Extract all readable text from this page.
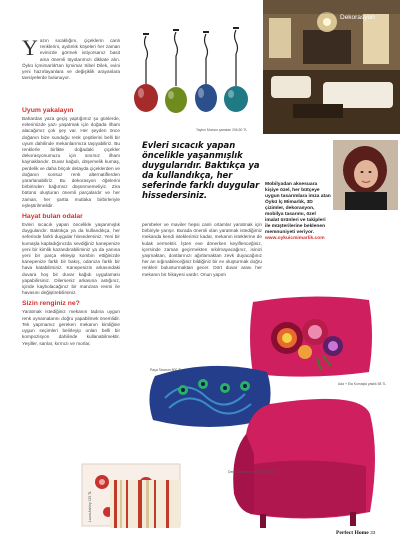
Yazın sıcaklığını, çiçeklerin canlı renklerini, aydınlık köşeleri her zaman evinizde görmek istiyorsanız basit ama önemli tüyolarımızı dikkate alın. Öykü İçmimarlık'tan İçmimar Sibel Dilek, evini yeni hazırlayanlara ve değişiklik arayanlara tavsiyelerde bulunuyor.
Uyum yakalayın

Bahardan yaza geçiş yaptığımız şu günlerde, evlerimizde yazı yaşatmak için doğada ilham alacağımız çok şey var. Her şeyden önce doğanın bize sunduğu renk çeşitlerini belli bir uyum dahilinde mekanlarımıza taşıyabiliriz. Bu renklerle birlikte doğadaki çiçekler dekorasyonumuzu için sınırsız ilham kaynaklarıdır. Duvar kağıdı, döşemelik kumaş, perdelik ve daha birçok detayda çiçeklerden ve doğanın sonsuz renk alternatiflerden yararlanabiliriz. Bu dekorasyon öğelerini birbirinden bağımsız düşünmemeliyiz. Zira bütünü oluşturan önemli parçalardır ve her zaman, her şartta mutlaka birbirleriyle eşleştirilmelidir.

Hayat bulan odalar

Evleri sıcacık yapan öncelikle yaşanmışlık duygularıdır. Baktıkça ya da kullandıkça, her seferinde farklı duygular hissedersiniz. Yeni bir kumaşla kapladığınızda sevdiğiniz kanepenize yeni bir kimlik kazandırabilirsiniz ya da yanına yeni bir parça ekleyip kombin ettiğinizde kanepenize farklı bir bakış, odanıza farklı bir hava katabilirsiniz. Kanepenizin arkasındaki duvara hoş bir duvar kağıdı uygulaması yapabilirsiniz. Dilerseniz arkasına astığınız, içinde kaybolacağınız bir manzara resmi ile havasını değiştirebilirsiniz.

Sizin renginiz ne?

Yaratmak istediğiniz mekanın tadına uygun renk oynamalarını doğru yapabilmek önemlidir. Tek yapmamız gereken mekanın kimliğine uygun seçimleri belirleyip onları belli bir kompozisyon dahilinde kullanabilmektir. Yeşiller, sarılar, kırmızı ve morlar,

Tayfun Mumcu şamdan 206,50 TL
Dekorasyon
Evleri sıcacık yapan öncelikle yaşanmışlık duygularıdır. Baktıkça ya da kullandıkça, her seferinde farklı duygular hissedersiniz.
Mobilyadan aksesuara kişiye özel, her bütçeye uygun tasarımlara imza atan Öykü İç Mimarlık, 3D çizimler, dekorasyon, mobilya tasarımı, özel imalat ürünleri ve takipleri ile müşterilerine beklenen memnuniyeti veriyor.
www.oykuicmimarlik.com
pembeler ve maviler hepsi canlı ortamlar yaratmak için birbiriyle yarışır. Burada önemli olan yaratmak istediğimiz mekanda kendi isteklerimiz kadar, mekanın isteklerine de kulak vermektir. İşten eve dönerken keyiflenceğiniz, içersinde zaman geçirmekten sıkılmayacağınız, isinizi yaşmaktan, dostlarınızı ağırlamaktan zevk duyacağınız her an sığınabileceğiniz bildiğiniz bir ev oluşturmak doğru renkleri bulusturmaktan gecer. Dört duvar arası her mekanın bir hikayesi vardır. Onun yapım
Ada + Ela Kumaşla yastık 58 TL
Paşa Tasarım 800 TL
Derin Design firm mini 1000 Euro
Laura Ashley 135 TL
Perfect Home 33
